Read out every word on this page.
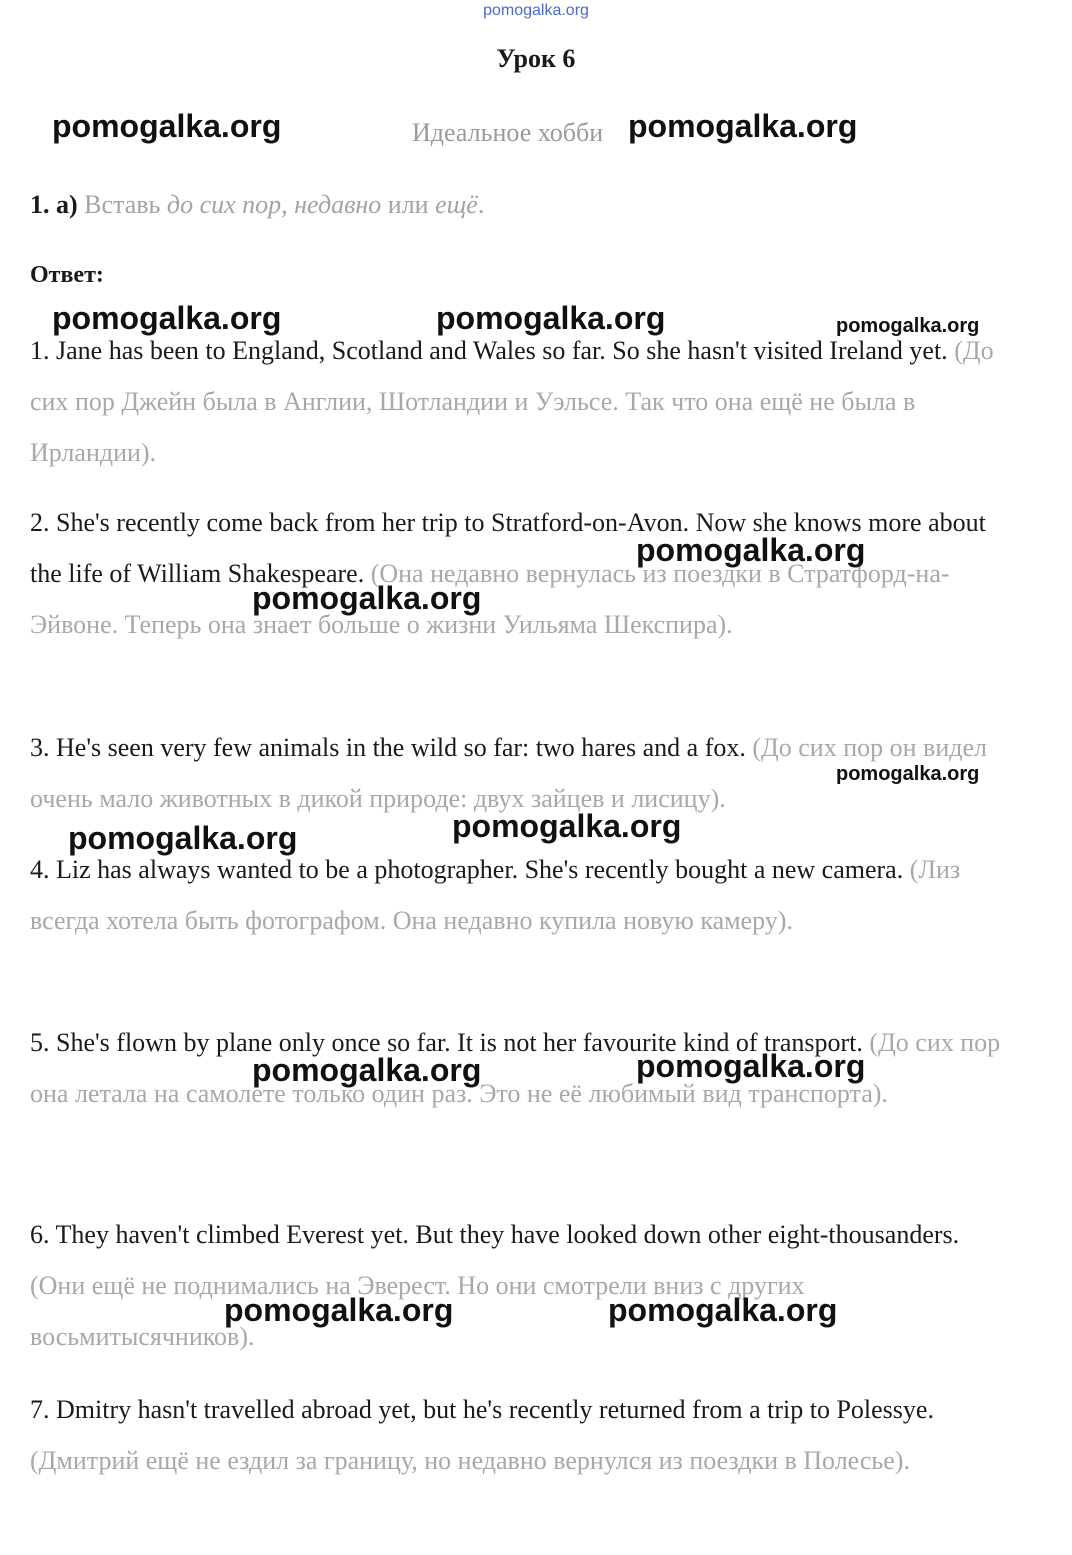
pomogalka.org
Урок 6
Идеальное хобби
1. а) Вставь до сих пор, недавно или ещё.
Ответ:
1. Jane has been to England, Scotland and Wales so far. So she hasn't visited Ireland yet. (До сих пор Джейн была в Англии, Шотландии и Уэльсе. Так что она ещё не была в Ирландии).
2. She's recently come back from her trip to Stratford-on-Avon. Now she knows more about the life of William Shakespeare. (Она недавно вернулась из поездки в Стратфорд-на-Эйвоне. Теперь она знает больше о жизни Уильяма Шекспира).
3. He's seen very few animals in the wild so far: two hares and a fox. (До сих пор он видел очень мало животных в дикой природе: двух зайцев и лисицу).
4. Liz has always wanted to be a photographer. She's recently bought a new camera. (Лиз всегда хотела быть фотографом. Она недавно купила новую камеру).
5. She's flown by plane only once so far. It is not her favourite kind of transport. (До сих пор она летала на самолете только один раз. Это не её любимый вид транспорта).
6. They haven't climbed Everest yet. But they have looked down other eight-thousanders. (Они ещё не поднимались на Эверест. Но они смотрели вниз с других восьмитысячников).
7. Dmitry hasn't travelled abroad yet, but he's recently returned from a trip to Polessye. (Дмитрий ещё не ездил за границу, но недавно вернулся из поездки в Полесье).
pomogalka.org	pomogalka.org
pomogalka.org	pomogalka.org	pomogalka.org
pomogalka.org
pomogalka.org
pomogalka.org
pomogalka.org
pomogalka.org
pomogalka.org
pomogalka.org
pomogalka.org	pomogalka.org
